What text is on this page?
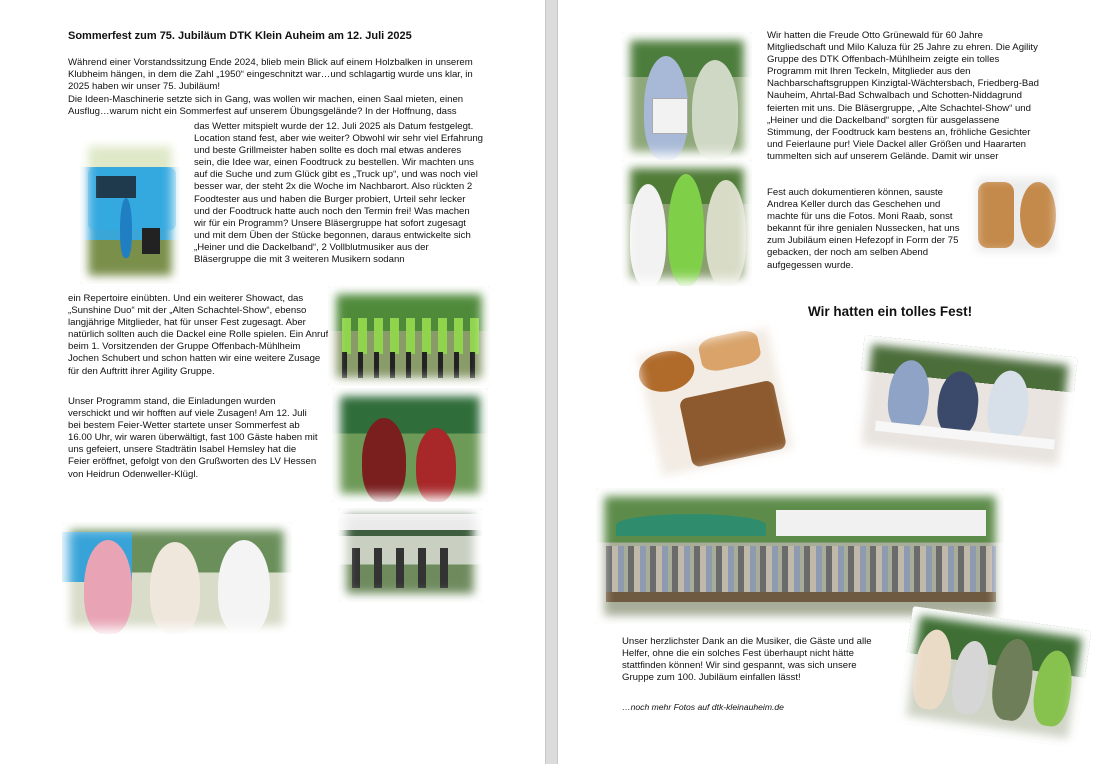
Sommerfest zum 75. Jubiläum DTK Klein Auheim am 12. Juli 2025

Während einer Vorstandssitzung Ende 2024, blieb mein Blick auf einem Holzbalken in unserem Klubheim hängen, in dem die Zahl „1950“ eingeschnitzt war…und schlagartig wurde uns klar, in 2025 haben wir unser 75. Jubiläum!

Die Ideen-Maschinerie setzte sich in Gang, was wollen wir machen, einen Saal mieten, einen Ausflug…warum nicht ein Sommerfest auf unserem Übungsgelände? In der Hoffnung, dass

das Wetter mitspielt wurde der 12. Juli 2025 als Datum festgelegt. Location stand fest, aber wie weiter? Obwohl wir sehr viel Erfahrung und beste Grillmeister haben sollte es doch mal etwas anderes sein, die Idee war, einen Foodtruck zu bestellen. Wir machten uns auf die Suche und zum Glück gibt es „Truck up“, und was noch viel besser war, der steht 2x die Woche im Nachbarort. Also rückten 2 Foodtester aus und haben die Burger probiert, Urteil sehr lecker und der Foodtruck hatte auch noch den Termin frei! Was machen wir für ein Programm? Unsere Bläsergruppe hat sofort zugesagt und mit dem Üben der Stücke begonnen, daraus entwickelte sich „Heiner und die Dackelband“, 2 Vollblutmusiker aus der Bläsergruppe die mit 3 weiteren Musikern sodann

ein Repertoire einübten. Und ein weiterer Showact, das „Sunshine Duo“ mit der „Alten Schachtel-Show“, ebenso langjährige Mitglieder, hat für unser Fest zugesagt. Aber natürlich sollten auch die Dackel eine Rolle spielen. Ein Anruf beim 1. Vorsitzenden der Gruppe Offenbach-Mühlheim Jochen Schubert und schon hatten wir eine weitere Zusage für den Auftritt ihrer Agility Gruppe.

Unser Programm stand, die Einladungen wurden verschickt und wir hofften auf viele Zusagen! Am 12. Juli bei bestem Feier-Wetter startete unser Sommerfest ab 16.00 Uhr, wir waren überwältigt, fast 100 Gäste haben mit uns gefeiert, unsere Stadträtin Isabel Hemsley hat die Feier eröffnet, gefolgt von den Grußworten des LV Hessen von Heidrun Odenweller-Klügl.

Wir hatten die Freude Otto Grünewald für 60 Jahre Mitgliedschaft und Milo Kaluza für 25 Jahre zu ehren. Die Agility Gruppe des DTK Offenbach-Mühlheim zeigte ein tolles Programm mit Ihren Teckeln, Mitglieder aus den Nachbarschaftsgruppen Kinzigtal-Wächtersbach, Friedberg-Bad Nauheim, Ahrtal-Bad Schwalbach und Schotten-Niddagrund feierten mit uns. Die Bläsergruppe, „Alte Schachtel-Show“ und „Heiner und die Dackelband“ sorgten für ausgelassene Stimmung, der Foodtruck kam bestens an, fröhliche Gesichter und Feierlaune pur! Viele Dackel aller Größen und Haararten tummelten sich auf unserem Gelände. Damit wir unser

Fest auch dokumentieren können, sauste Andrea Keller durch das Geschehen und machte für uns die Fotos. Moni Raab, sonst bekannt für ihre genialen Nussecken, hat uns zum Jubiläum einen Hefezopf in Form der 75 gebacken, der noch am selben Abend aufgegessen wurde.

Wir hatten ein tolles Fest!

Unser herzlichster Dank an die Musiker, die Gäste und alle Helfer, ohne die ein solches Fest überhaupt nicht hätte stattfinden können! Wir sind gespannt, was sich unsere Gruppe zum 100. Jubiläum einfallen lässt!

…noch mehr Fotos auf dtk-kleinauheim.de
